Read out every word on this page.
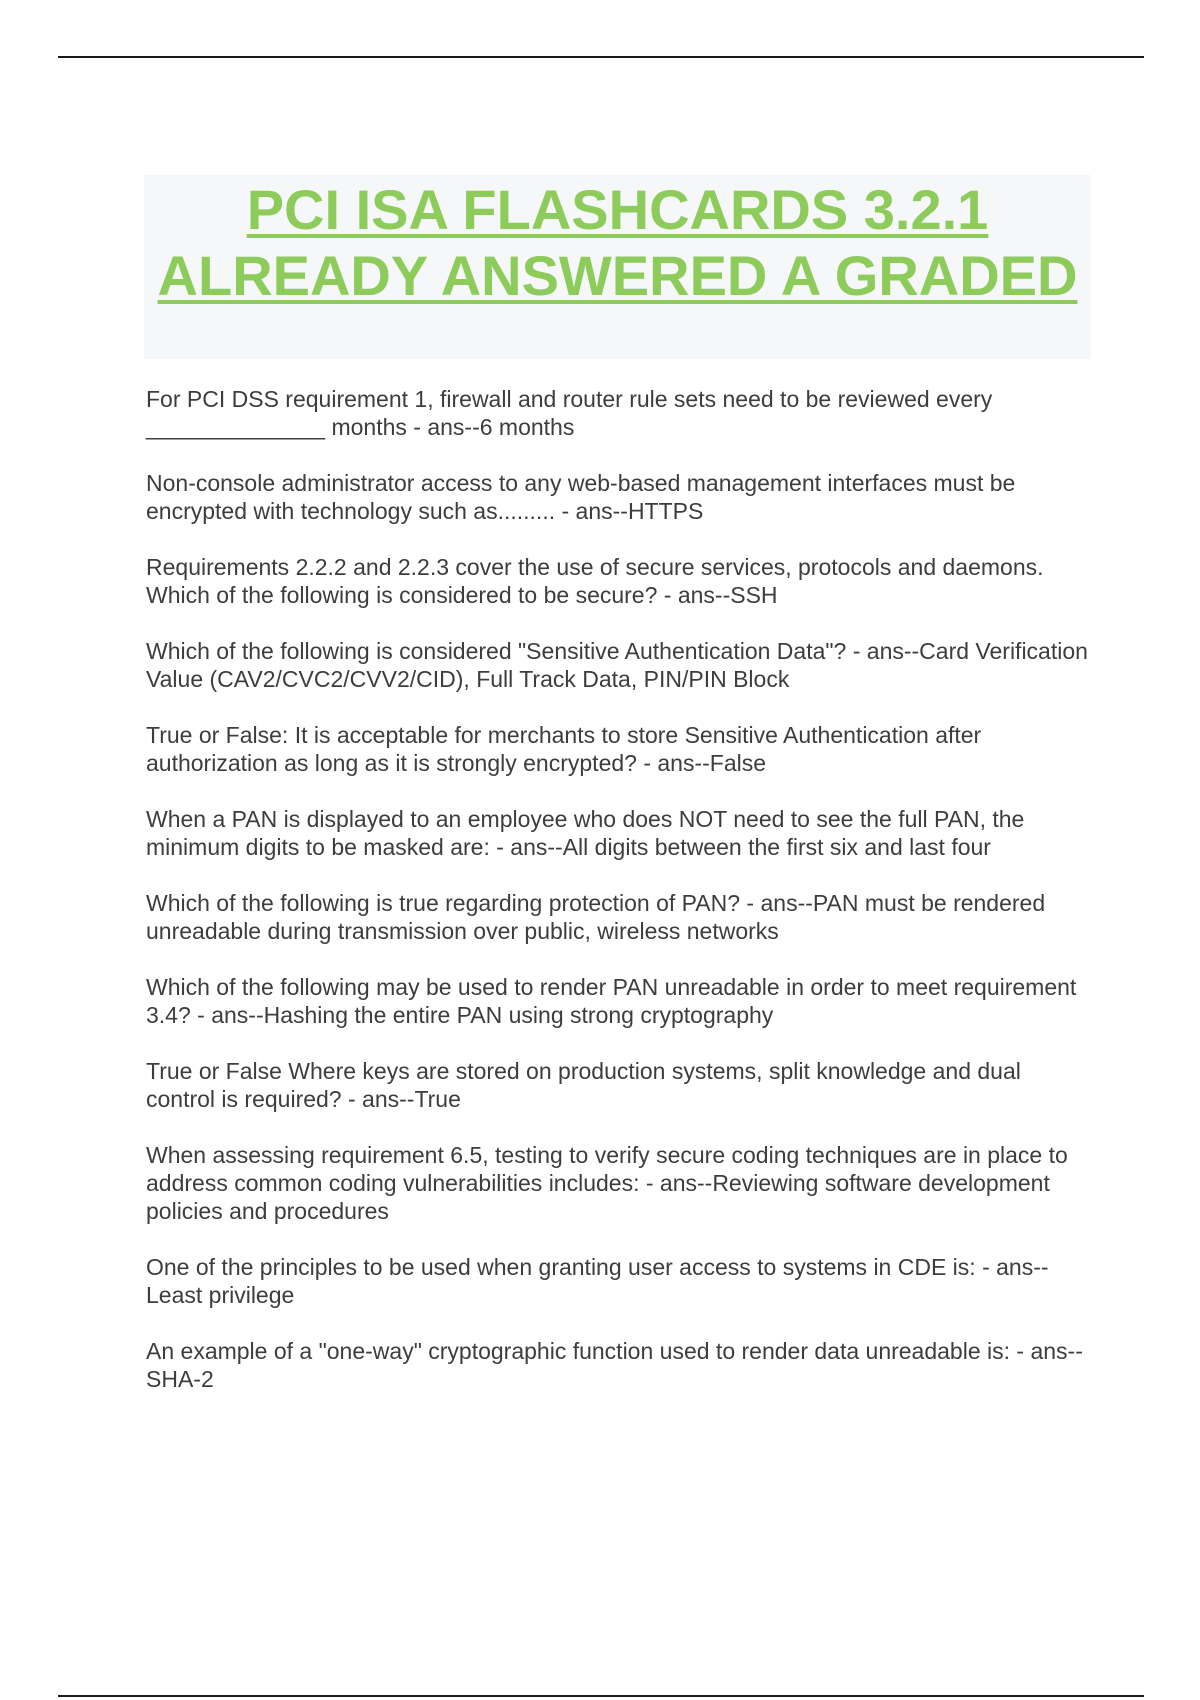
PCI ISA FLASHCARDS 3.2.1
ALREADY ANSWERED A GRADED
For PCI DSS requirement 1, firewall and router rule sets need to be reviewed every ______________ months - ans--6 months
Non-console administrator access to any web-based management interfaces must be encrypted with technology such as......... - ans--HTTPS
Requirements 2.2.2 and 2.2.3 cover the use of secure services, protocols and daemons. Which of the following is considered to be secure? - ans--SSH
Which of the following is considered "Sensitive Authentication Data"? - ans--Card Verification Value (CAV2/CVC2/CVV2/CID), Full Track Data, PIN/PIN Block
True or False: It is acceptable for merchants to store Sensitive Authentication after authorization as long as it is strongly encrypted? - ans--False
When a PAN is displayed to an employee who does NOT need to see the full PAN, the minimum digits to be masked are: - ans--All digits between the first six and last four
Which of the following is true regarding protection of PAN? - ans--PAN must be rendered unreadable during transmission over public, wireless networks
Which of the following may be used to render PAN unreadable in order to meet requirement 3.4? - ans--Hashing the entire PAN using strong cryptography
True or False Where keys are stored on production systems, split knowledge and dual control is required? - ans--True
When assessing requirement 6.5, testing to verify secure coding techniques are in place to address common coding vulnerabilities includes: - ans--Reviewing software development policies and procedures
One of the principles to be used when granting user access to systems in CDE is: - ans--Least privilege
An example of a "one-way" cryptographic function used to render data unreadable is: - ans--SHA-2
